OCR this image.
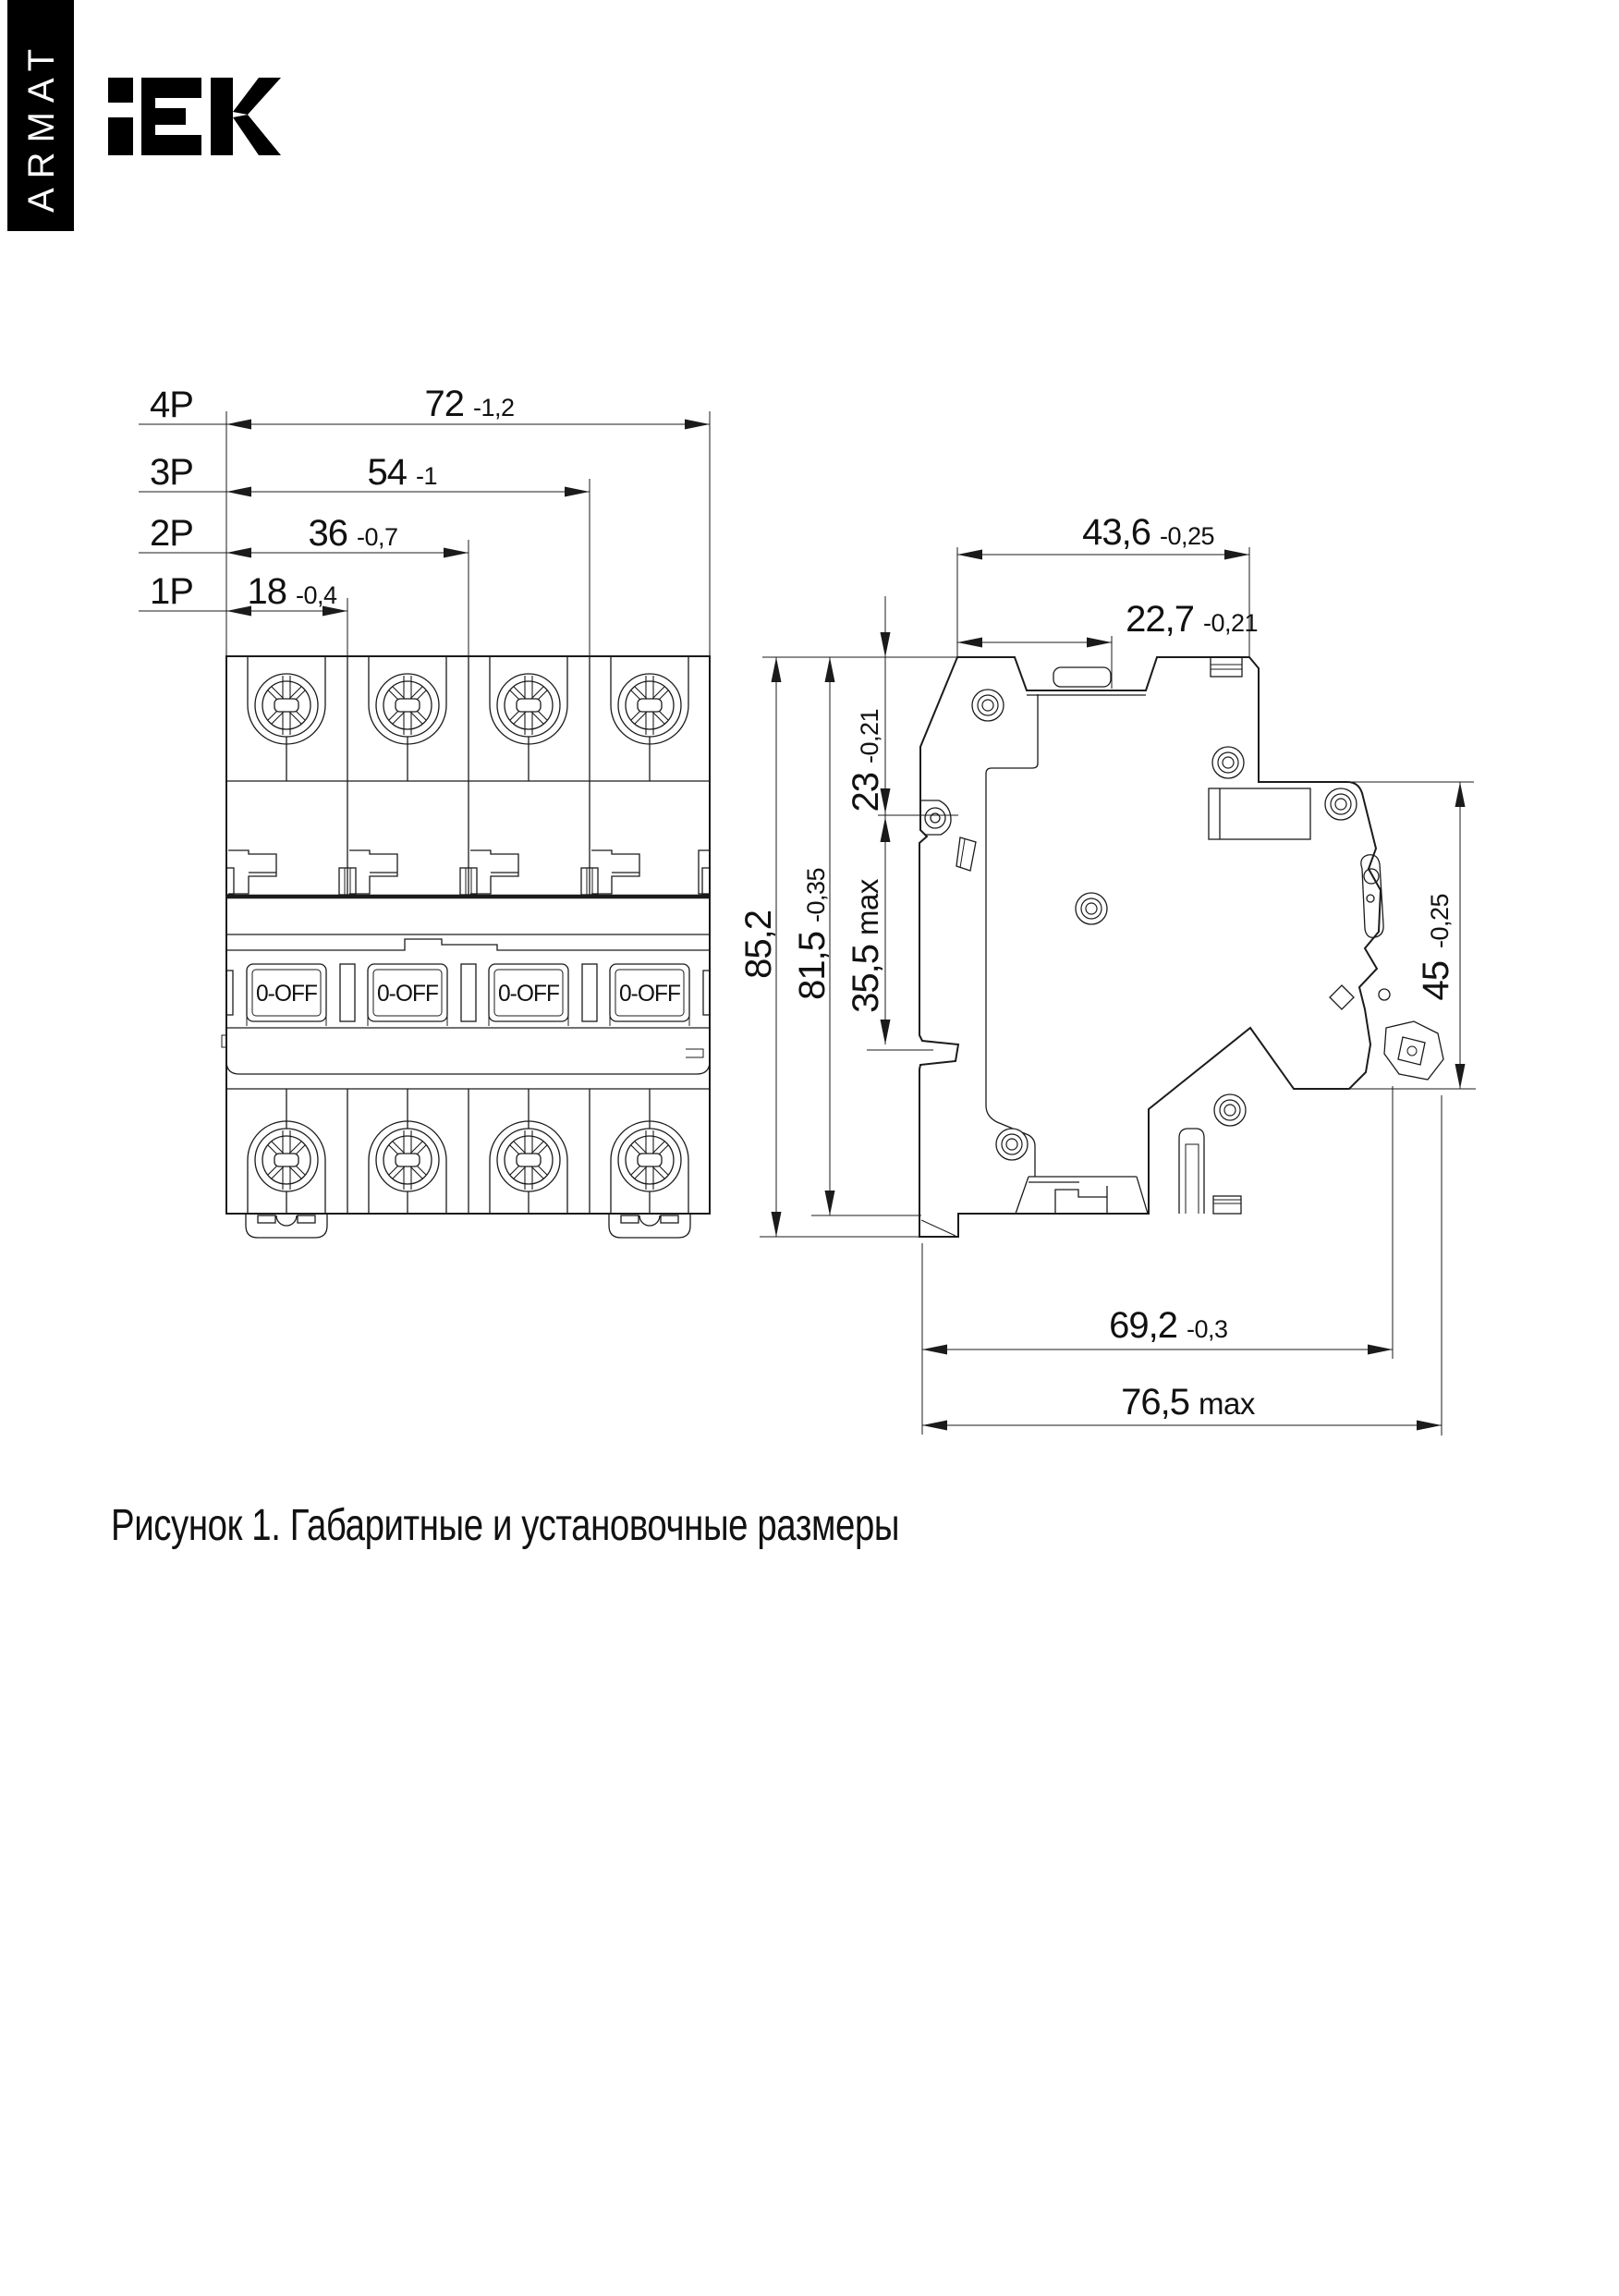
ARMAT
0-OFF	0-OFF	0-OFF	0-OFF
4P
3P
2P
1P
72 -1,2
54 -1
36 -0,7
18 -0,4
43,6 -0,25
22,7 -0,21
69,2 -0,3
76,5 max
23
-0,21
35,5
max
81,5
-0,35
85,2
45
-0,25
Рисунок 1. Габаритные и установочные размеры
